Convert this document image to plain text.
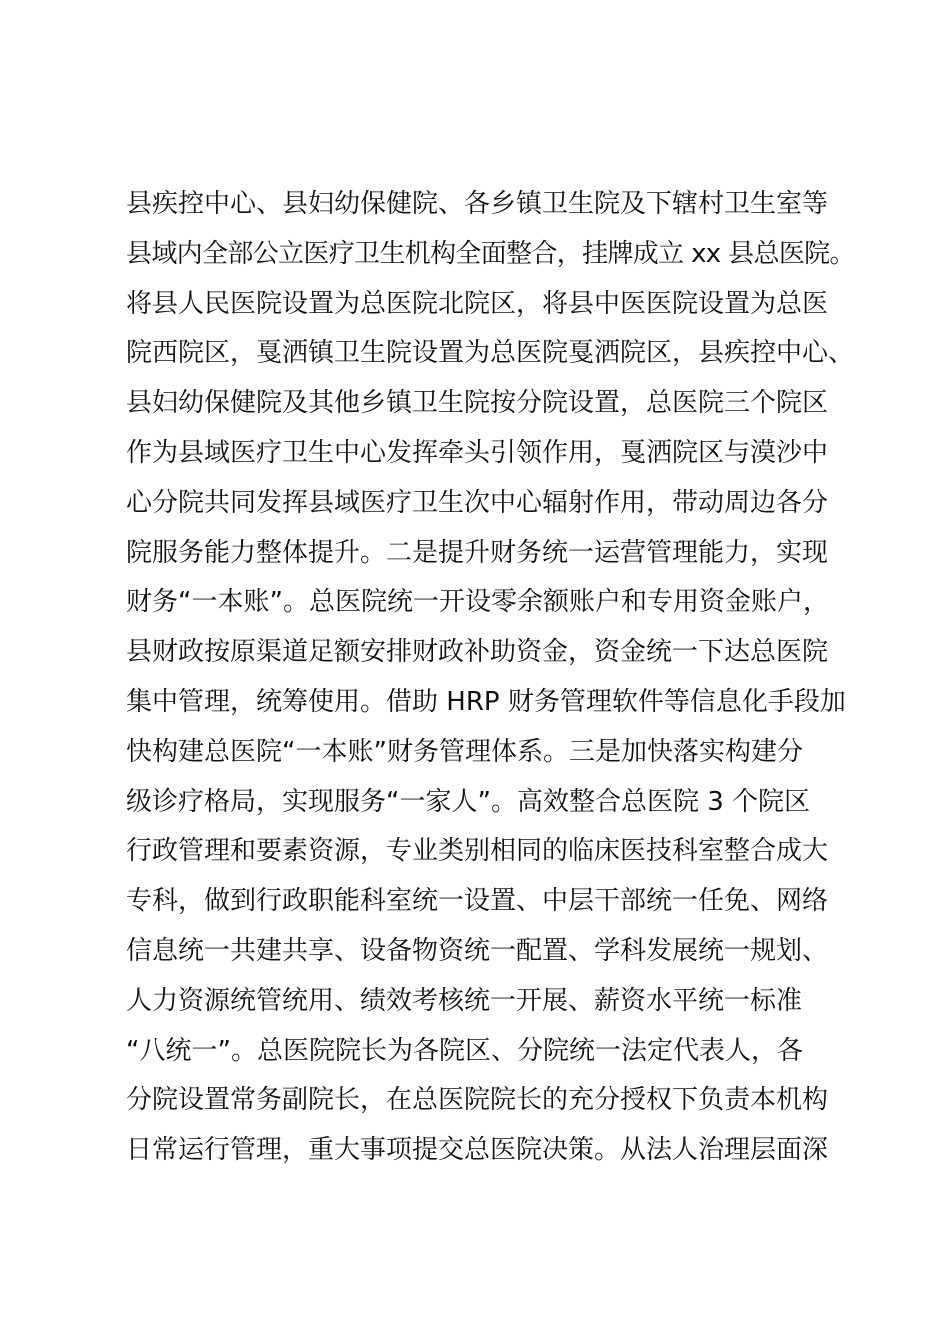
县疾控中心、县妇幼保健院、各乡镇卫生院及下辖村卫生室等
县域内全部公立医疗卫生机构全面整合，挂牌成立 xx 县总医院。
将县人民医院设置为总医院北院区，将县中医医院设置为总医
院西院区，戛洒镇卫生院设置为总医院戛洒院区，县疾控中心、
县妇幼保健院及其他乡镇卫生院按分院设置，总医院三个院区
作为县域医疗卫生中心发挥牵头引领作用，戛洒院区与漠沙中
心分院共同发挥县域医疗卫生次中心辐射作用，带动周边各分
院服务能力整体提升。二是提升财务统一运营管理能力，实现
财务“一本账”。总医院统一开设零余额账户和专用资金账户，
县财政按原渠道足额安排财政补助资金，资金统一下达总医院
集中管理，统筹使用。借助 HRP 财务管理软件等信息化手段加
快构建总医院“一本账”财务管理体系。三是加快落实构建分
级诊疗格局，实现服务“一家人”。高效整合总医院 3 个院区
行政管理和要素资源，专业类别相同的临床医技科室整合成大
专科，做到行政职能科室统一设置、中层干部统一任免、网络
信息统一共建共享、设备物资统一配置、学科发展统一规划、
人力资源统管统用、绩效考核统一开展、薪资水平统一标准
“八统一”。总医院院长为各院区、分院统一法定代表人，各
分院设置常务副院长，在总医院院长的充分授权下负责本机构
日常运行管理，重大事项提交总医院决策。从法人治理层面深
